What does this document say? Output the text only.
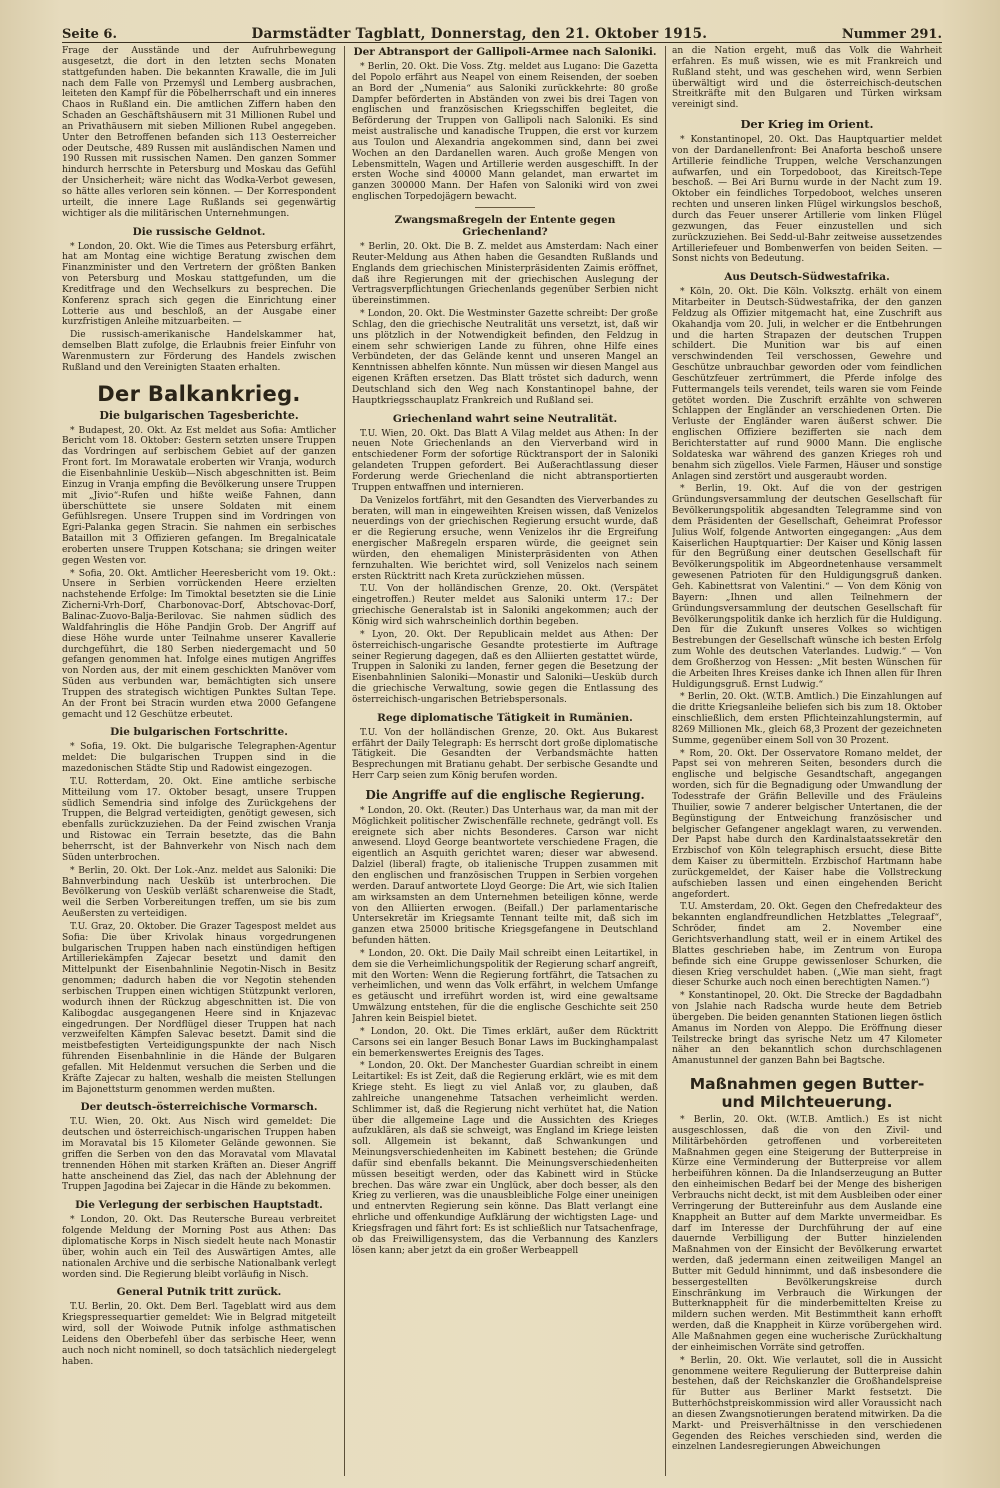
Seite 6.	Darmstädter Tagblatt, Donnerstag, den 21. Oktober 1915.	Nummer 291.

Frage der Ausstände und der Aufruhrbewegung ausgesetzt, die dort in den letzten sechs Monaten stattgefunden haben. Die bekannten Krawalle, die im Juli nach dem Falle von Przemyśl und Lemberg ausbrachen, leiteten den Kampf für die Pöbelherrschaft und ein inneres Chaos in Rußland ein. Die amtlichen Ziffern haben den Schaden an Geschäftshäusern mit 31 Millionen Rubel und an Privathäusern mit sieben Millionen Rubel angegeben. Unter den Betroffenen befanden sich 113 Oesterreicher oder Deutsche, 489 Russen mit ausländischen Namen und 190 Russen mit russischen Namen. Den ganzen Sommer hindurch herrschte in Petersburg und Moskau das Gefühl der Unsicherheit; wäre nicht das Wodka-Verbot gewesen, so hätte alles verloren sein können. — Der Korrespondent urteilt, die innere Lage Rußlands sei gegenwärtig wichtiger als die militärischen Unternehmungen.

Die russische Geldnot.

* London, 20. Okt. Wie die Times aus Petersburg erfährt, hat am Montag eine wichtige Beratung zwischen dem Finanzminister und den Vertretern der größten Banken von Petersburg und Moskau stattgefunden, um die Kreditfrage und den Wechselkurs zu besprechen. Die Konferenz sprach sich gegen die Einrichtung einer Lotterie aus und beschloß, an der Ausgabe einer kurzfristigen Anleihe mitzuarbeiten. —

Die russisch-amerikanische Handelskammer hat, demselben Blatt zufolge, die Erlaubnis freier Einfuhr von Warenmustern zur Förderung des Handels zwischen Rußland und den Vereinigten Staaten erhalten.

Der Balkankrieg.
Die bulgarischen Tagesberichte.

* Budapest, 20. Okt. Az Est meldet aus Sofia: Amtlicher Bericht vom 18. Oktober: Gestern setzten unsere Truppen das Vordringen auf serbischem Gebiet auf der ganzen Front fort. Im Morawatale eroberten wir Vranja, wodurch die Eisenbahnlinie Uesküb—Nisch abgeschnitten ist. Beim Einzug in Vranja empfing die Bevölkerung unsere Truppen mit „Jivio“-Rufen und hißte weiße Fahnen, dann überschüttete sie unsere Soldaten mit einem Gefühlsregen. Unsere Truppen sind im Vordringen von Egri-Palanka gegen Stracin. Sie nahmen ein serbisches Bataillon mit 3 Offizieren gefangen. Im Bregalnicatale eroberten unsere Truppen Kotschana; sie dringen weiter gegen Westen vor.

* Sofia, 20. Okt. Amtlicher Heeresbericht vom 19. Okt.: Unsere in Serbien vorrückenden Heere erzielten nachstehende Erfolge: Im Timoktal besetzten sie die Linie Zicherni-Vrh-Dorf, Charbonovac-Dorf, Abtschovac-Dorf, Balinac-Zuovo-Balja-Berilovac. Sie nahmen südlich des Waldfahringlis die Höhe Pandjin Grob. Der Angriff auf diese Höhe wurde unter Teilnahme unserer Kavallerie durchgeführt, die 180 Serben niedergemacht und 50 gefangen genommen hat. Infolge eines mutigen Angriffes von Norden aus, der mit einem geschickten Manöver vom Süden aus verbunden war, bemächtigten sich unsere Truppen des strategisch wichtigen Punktes Sultan Tepe. An der Front bei Stracin wurden etwa 2000 Gefangene gemacht und 12 Geschütze erbeutet.

Die bulgarischen Fortschritte.

* Sofia, 19. Okt. Die bulgarische Telegraphen-Agentur meldet: Die bulgarischen Truppen sind in die mazedonischen Städte Stip und Radowist eingezogen.

T.U. Rotterdam, 20. Okt. Eine amtliche serbische Mitteilung vom 17. Oktober besagt, unsere Truppen südlich Semendria sind infolge des Zurückgehens der Truppen, die Belgrad verteidigten, genötigt gewesen, sich ebenfalls zurückzuziehen. Da der Feind zwischen Vranja und Ristowac ein Terrain besetzte, das die Bahn beherrscht, ist der Bahnverkehr von Nisch nach dem Süden unterbrochen.

* Berlin, 20. Okt. Der Lok.-Anz. meldet aus Saloniki: Die Bahnverbindung nach Uesküb ist unterbrochen. Die Bevölkerung von Uesküb verläßt scharenweise die Stadt, weil die Serben Vorbereitungen treffen, um sie bis zum Aeußersten zu verteidigen.

T.U. Graz, 20. Oktober. Die Grazer Tagespost meldet aus Sofia: Die über Krivolak hinaus vorgedrungenen bulgarischen Truppen haben nach einstündigen heftigen Artilleriekämpfen Zajecar besetzt und damit den Mittelpunkt der Eisenbahnlinie Negotin-Nisch in Besitz genommen; dadurch haben die vor Negotin stehenden serbischen Truppen einen wichtigen Stützpunkt verloren, wodurch ihnen der Rückzug abgeschnitten ist. Die von Kalibogdac ausgegangenen Heere sind in Knjazevac eingedrungen. Der Nordflügel dieser Truppen hat nach verzweifelten Kämpfen Salevac besetzt. Damit sind die meistbefestigten Verteidigungspunkte der nach Nisch führenden Eisenbahnlinie in die Hände der Bulgaren gefallen. Mit Heldenmut versuchen die Serben und die Kräfte Zajecar zu halten, weshalb die meisten Stellungen im Bajonettsturm genommen werden mußten.

Der deutsch-österreichische Vormarsch.

T.U. Wien, 20. Okt. Aus Nisch wird gemeldet: Die deutschen und österreichisch-ungarischen Truppen haben im Moravatal bis 15 Kilometer Gelände gewonnen. Sie griffen die Serben von den das Moravatal vom Mlavatal trennenden Höhen mit starken Kräften an. Dieser Angriff hatte anscheinend das Ziel, das nach der Ablehnung der Truppen Jagodina bei Zajecar in die Hände zu bekommen.

Die Verlegung der serbischen Hauptstadt.

* London, 20. Okt. Das Reutersche Bureau verbreitet folgende Meldung der Morning Post aus Athen: Das diplomatische Korps in Nisch siedelt heute nach Monastir über, wohin auch ein Teil des Auswärtigen Amtes, alle nationalen Archive und die serbische Nationalbank verlegt worden sind. Die Regierung bleibt vorläufig in Nisch.

General Putnik tritt zurück.

T.U. Berlin, 20. Okt. Dem Berl. Tageblatt wird aus dem Kriegspressequartier gemeldet: Wie in Belgrad mitgeteilt wird, soll der Woiwode Putnik infolge asthmatischen Leidens den Oberbefehl über das serbische Heer, wenn auch noch nicht nominell, so doch tatsächlich niedergelegt haben.

Der Abtransport der Gallipoli-Armee nach Saloniki.

* Berlin, 20. Okt. Die Voss. Ztg. meldet aus Lugano: Die Gazetta del Popolo erfährt aus Neapel von einem Reisenden, der soeben an Bord der „Numenia“ aus Saloniki zurückkehrte: 80 große Dampfer beförderten in Abständen von zwei bis drei Tagen von englischen und französischen Kriegsschiffen begleitet, die Beförderung der Truppen von Gallipoli nach Saloniki. Es sind meist australische und kanadische Truppen, die erst vor kurzem aus Toulon und Alexandria angekommen sind, dann bei zwei Wochen an den Dardanellen waren. Auch große Mengen von Lebensmitteln, Wagen und Artillerie werden ausgeschifft. In der ersten Woche sind 40000 Mann gelandet, man erwartet im ganzen 300000 Mann. Der Hafen von Saloniki wird von zwei englischen Torpedojägern bewacht.

Zwangsmaßregeln der Entente gegen Griechenland?

* Berlin, 20. Okt. Die B. Z. meldet aus Amsterdam: Nach einer Reuter-Meldung aus Athen haben die Gesandten Rußlands und Englands dem griechischen Ministerpräsidenten Zaimis eröffnet, daß ihre Regierungen mit der griechischen Auslegung der Vertragsverpflichtungen Griechenlands gegenüber Serbien nicht übereinstimmen.

* London, 20. Okt. Die Westminster Gazette schreibt: Der große Schlag, den die griechische Neutralität uns versetzt, ist, daß wir uns plötzlich in der Notwendigkeit befinden, den Feldzug in einem sehr schwierigen Lande zu führen, ohne Hilfe eines Verbündeten, der das Gelände kennt und unseren Mangel an Kenntnissen abhelfen könnte. Nun müssen wir diesen Mangel aus eigenen Kräften ersetzen. Das Blatt tröstet sich dadurch, wenn Deutschland sich den Weg nach Konstantinopel bahne, der Hauptkriegsschauplatz Frankreich und Rußland sei.

Griechenland wahrt seine Neutralität.

T.U. Wien, 20. Okt. Das Blatt A Vilag meldet aus Athen: In der neuen Note Griechenlands an den Vierverband wird in entschiedener Form der sofortige Rücktransport der in Saloniki gelandeten Truppen gefordert. Bei Außerachtlassung dieser Forderung werde Griechenland die nicht abtransportierten Truppen entwaffnen und internieren.

Da Venizelos fortfährt, mit den Gesandten des Vierverbandes zu beraten, will man in eingeweihten Kreisen wissen, daß Venizelos neuerdings von der griechischen Regierung ersucht wurde, daß er die Regierung ersuche, wenn Venizelos ihr die Ergreifung energischer Maßregeln ersparen würde, die geeignet sein würden, den ehemaligen Ministerpräsidenten von Athen fernzuhalten. Wie berichtet wird, soll Venizelos nach seinem ersten Rücktritt nach Kreta zurückziehen müssen.

T.U. Von der holländischen Grenze, 20. Okt. (Verspätet eingetroffen.) Reuter meldet aus Saloniki unterm 17.: Der griechische Generalstab ist in Saloniki angekommen; auch der König wird sich wahrscheinlich dorthin begeben.

* Lyon, 20. Okt. Der Republicain meldet aus Athen: Der österreichisch-ungarische Gesandte protestierte im Auftrage seiner Regierung dagegen, daß es den Alliierten gestattet würde, Truppen in Saloniki zu landen, ferner gegen die Besetzung der Eisenbahnlinien Saloniki—Monastir und Saloniki—Uesküb durch die griechische Verwaltung, sowie gegen die Entlassung des österreichisch-ungarischen Betriebspersonals.

Rege diplomatische Tätigkeit in Rumänien.

T.U. Von der holländischen Grenze, 20. Okt. Aus Bukarest erfährt der Daily Telegraph: Es herrscht dort große diplomatische Tätigkeit. Die Gesandten der Verbandsmächte hatten Besprechungen mit Bratianu gehabt. Der serbische Gesandte und Herr Carp seien zum König berufen worden.

Die Angriffe auf die englische Regierung.

* London, 20. Okt. (Reuter.) Das Unterhaus war, da man mit der Möglichkeit politischer Zwischenfälle rechnete, gedrängt voll. Es ereignete sich aber nichts Besonderes. Carson war nicht anwesend. Lloyd George beantwortete verschiedene Fragen, die eigentlich an Asquith gerichtet waren; dieser war abwesend. Dalziel (liberal) fragte, ob italienische Truppen zusammen mit den englischen und französischen Truppen in Serbien vorgehen werden. Darauf antwortete Lloyd George: Die Art, wie sich Italien am wirksamsten an dem Unternehmen beteiligen könne, werde von den Alliierten erwogen. (Beifall.) Der parlamentarische Untersekretär im Kriegsamte Tennant teilte mit, daß sich im ganzen etwa 25000 britische Kriegsgefangene in Deutschland befunden hätten.

* London, 20. Okt. Die Daily Mail schreibt einen Leitartikel, in dem sie die Verheimlichungspolitik der Regierung scharf angreift, mit den Worten: Wenn die Regierung fortfährt, die Tatsachen zu verheimlichen, und wenn das Volk erfährt, in welchem Umfange es getäuscht und irreführt worden ist, wird eine gewaltsame Umwälzung entstehen, für die die englische Geschichte seit 250 Jahren kein Beispiel bietet.

* London, 20. Okt. Die Times erklärt, außer dem Rücktritt Carsons sei ein langer Besuch Bonar Laws im Buckinghampalast ein bemerkenswertes Ereignis des Tages.

* London, 20. Okt. Der Manchester Guardian schreibt in einem Leitartikel: Es ist Zeit, daß die Regierung erklärt, wie es mit dem Kriege steht. Es liegt zu viel Anlaß vor, zu glauben, daß zahlreiche unangenehme Tatsachen verheimlicht werden. Schlimmer ist, daß die Regierung nicht verhütet hat, die Nation über die allgemeine Lage und die Aussichten des Krieges aufzuklären, als daß sie schweigt, was England im Kriege leisten soll. Allgemein ist bekannt, daß Schwankungen und Meinungsverschiedenheiten im Kabinett bestehen; die Gründe dafür sind ebenfalls bekannt. Die Meinungsverschiedenheiten müssen beseitigt werden, oder das Kabinett wird in Stücke brechen. Das wäre zwar ein Unglück, aber doch besser, als den Krieg zu verlieren, was die unausbleibliche Folge einer uneinigen und entnervten Regierung sein könne. Das Blatt verlangt eine ehrliche und offenkundige Aufklärung der wichtigsten Lage- und Kriegsfragen und fährt fort: Es ist schließlich nur Tatsachenfrage, ob das Freiwilligensystem, das die Verbannung des Kanzlers lösen kann; aber jetzt da ein großer Werbeappell

an die Nation ergeht, muß das Volk die Wahrheit erfahren. Es muß wissen, wie es mit Frankreich und Rußland steht, und was geschehen wird, wenn Serbien überwältigt wird und die österreichisch-deutschen Streitkräfte mit den Bulgaren und Türken wirksam vereinigt sind.

Der Krieg im Orient.

* Konstantinopel, 20. Okt. Das Hauptquartier meldet von der Dardanellenfront: Bei Anaforta beschoß unsere Artillerie feindliche Truppen, welche Verschanzungen aufwarfen, und ein Torpedoboot, das Kireitsch-Tepe beschoß. — Bei Ari Burnu wurde in der Nacht zum 19. Oktober ein feindliches Torpedoboot, welches unseren rechten und unseren linken Flügel wirkungslos beschoß, durch das Feuer unserer Artillerie vom linken Flügel gezwungen, das Feuer einzustellen und sich zurückzuziehen. Bei Sedd-ul-Bahr zeitweise aussetzendes Artilleriefeuer und Bombenwerfen von beiden Seiten. — Sonst nichts von Bedeutung.

Aus Deutsch-Südwestafrika.

* Köln, 20. Okt. Die Köln. Volksztg. erhält von einem Mitarbeiter in Deutsch-Südwestafrika, der den ganzen Feldzug als Offizier mitgemacht hat, eine Zuschrift aus Okahandja vom 20. Juli, in welcher er die Entbehrungen und die harten Strapazen der deutschen Truppen schildert. Die Munition war bis auf einen verschwindenden Teil verschossen, Gewehre und Geschütze unbrauchbar geworden oder vom feindlichen Geschützfeuer zertrümmert, die Pferde infolge des Futtermangels teils verendet, teils waren sie vom Feinde getötet worden. Die Zuschrift erzählte von schweren Schlappen der Engländer an verschiedenen Orten. Die Verluste der Engländer waren äußerst schwer. Die englischen Offiziere bezifferten sie nach dem Berichterstatter auf rund 9000 Mann. Die englische Soldateska war während des ganzen Krieges roh und benahm sich zügellos. Viele Farmen, Häuser und sonstige Anlagen sind zerstört und ausgeraubt worden.

* Berlin, 19. Okt. Auf die von der gestrigen Gründungsversammlung der deutschen Gesellschaft für Bevölkerungspolitik abgesandten Telegramme sind von dem Präsidenten der Gesellschaft, Geheimrat Professor Julius Wolf, folgende Antworten eingegangen: „Aus dem Kaiserlichen Hauptquartier: Der Kaiser und König lassen für den Begrüßung einer deutschen Gesellschaft für Bevölkerungspolitik im Abgeordnetenhause versammelt gewesenen Patrioten für den Huldigungsgruß danken. Geh. Kabinettsrat von Valentini.“ — Von dem König von Bayern: „Ihnen und allen Teilnehmern der Gründungsversammlung der deutschen Gesellschaft für Bevölkerungspolitik danke ich herzlich für die Huldigung. Den für die Zukunft unseres Volkes so wichtigen Bestrebungen der Gesellschaft wünsche ich besten Erfolg zum Wohle des deutschen Vaterlandes. Ludwig.“ — Von dem Großherzog von Hessen: „Mit besten Wünschen für die Arbeiten Ihres Kreises danke ich Ihnen allen für Ihren Huldigungsgruß. Ernst Ludwig.“

* Berlin, 20. Okt. (W.T.B. Amtlich.) Die Einzahlungen auf die dritte Kriegsanleihe beliefen sich bis zum 18. Oktober einschließlich, dem ersten Pflichteinzahlungstermin, auf 8269 Millionen Mk., gleich 68,3 Prozent der gezeichneten Summe, gegenüber einem Soll von 30 Prozent.

* Rom, 20. Okt. Der Osservatore Romano meldet, der Papst sei von mehreren Seiten, besonders durch die englische und belgische Gesandtschaft, angegangen worden, sich für die Begnadigung oder Umwandlung der Todesstrafe der Gräfin Belleville und des Fräuleins Thuilier, sowie 7 anderer belgischer Untertanen, die der Begünstigung der Entweichung französischer und belgischer Gefangener angeklagt waren, zu verwenden. Der Papst habe durch den Kardinalstaatssekretär den Erzbischof von Köln telegraphisch ersucht, diese Bitte dem Kaiser zu übermitteln. Erzbischof Hartmann habe zurückgemeldet, der Kaiser habe die Vollstreckung aufschieben lassen und einen eingehenden Bericht angefordert.

T.U. Amsterdam, 20. Okt. Gegen den Chefredakteur des bekannten englandfreundlichen Hetzblattes „Telegraaf“, Schröder, findet am 2. November eine Gerichtsverhandlung statt, weil er in einem Artikel des Blattes geschrieben habe, im Zentrum von Europa befinde sich eine Gruppe gewissenloser Schurken, die diesen Krieg verschuldet haben. („Wie man sieht, fragt dieser Schurke auch noch einen berechtigten Namen.“)

* Konstantinopel, 20. Okt. Die Strecke der Bagdadbahn von Jslahie nach Radscha wurde heute dem Betrieb übergeben. Die beiden genannten Stationen liegen östlich Amanus im Norden von Aleppo. Die Eröffnung dieser Teilstrecke bringt das syrische Netz um 47 Kilometer näher an den bekanntlich schon durchschlagenen Amanustunnel der ganzen Bahn bei Bagtsche.

Maßnahmen gegen Butter- und Milchteuerung.

* Berlin, 20. Okt. (W.T.B. Amtlich.) Es ist nicht ausgeschlossen, daß die von den Zivil- und Militärbehörden getroffenen und vorbereiteten Maßnahmen gegen eine Steigerung der Butterpreise in Kürze eine Verminderung der Butterpreise vor allem herbeiführen können. Da die Inlandserzeugung an Butter den einheimischen Bedarf bei der Menge des bisherigen Verbrauchs nicht deckt, ist mit dem Ausbleiben oder einer Verringerung der Buttereinfuhr aus dem Auslande eine Knappheit an Butter auf dem Markte unvermeidbar. Es darf im Interesse der Durchführung der auf eine dauernde Verbilligung der Butter hinzielenden Maßnahmen von der Einsicht der Bevölkerung erwartet werden, daß jedermann einen zeitweiligen Mangel an Butter mit Geduld hinnimmt, und daß insbesondere die bessergestellten Bevölkerungskreise durch Einschränkung im Verbrauch die Wirkungen der Butterknappheit für die minderbemittelten Kreise zu mildern suchen werden. Mit Bestimmtheit kann erhofft werden, daß die Knappheit in Kürze vorübergehen wird. Alle Maßnahmen gegen eine wucherische Zurückhaltung der einheimischen Vorräte sind getroffen.

* Berlin, 20. Okt. Wie verlautet, soll die in Aussicht genommene weitere Regulierung der Butterpreise dahin bestehen, daß der Reichskanzler die Großhandelspreise für Butter aus Berliner Markt festsetzt. Die Butterhöchstpreiskommission wird aller Voraussicht nach an diesen Zwangsnotierungen beratend mitwirken. Da die Markt- und Preisverhältnisse in den verschiedenen Gegenden des Reiches verschieden sind, werden die einzelnen Landesregierungen Abweichungen
